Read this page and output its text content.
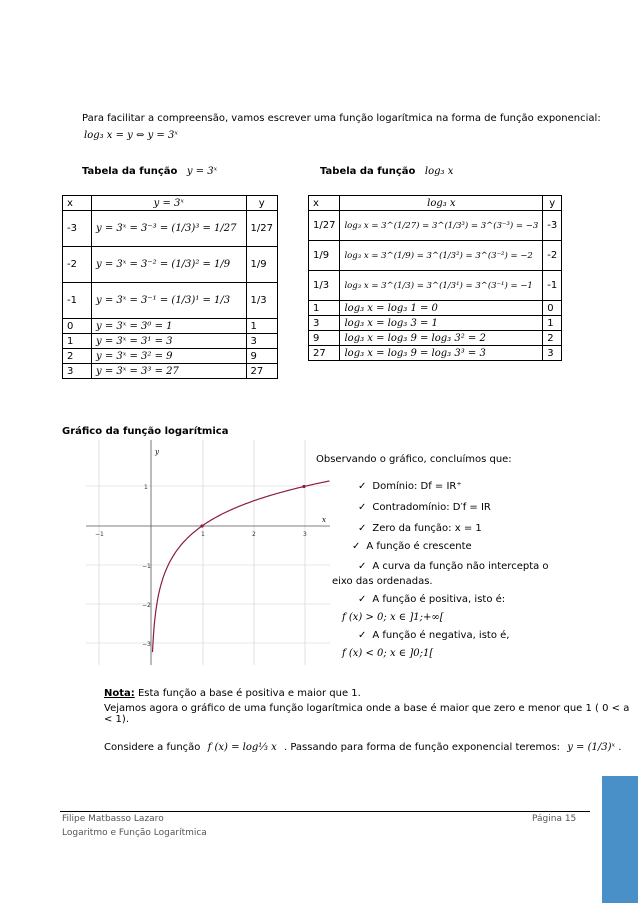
Para facilitar a compreensão, vamos escrever uma função logarítmica na forma de função exponencial:
log₃ x = y ⇔ y = 3ˣ
Tabela da função y = 3ˣ	Tabela da função log₃ x
x	y = 3ˣ	y
-3	y = 3ˣ = 3⁻³ = (1/3)³ = 1/27	1/27
-2	y = 3ˣ = 3⁻² = (1/3)² = 1/9	1/9
-1	y = 3ˣ = 3⁻¹ = (1/3)¹ = 1/3	1/3
0	y = 3ˣ = 3⁰ = 1	1
1	y = 3ˣ = 3¹ = 3	3
2	y = 3ˣ = 3² = 9	9
3	y = 3ˣ = 3³ = 27	27
x	log₃ x	y
1/27	log₃ x = 3^(1/27) = 3^(1/3³) = 3^(3⁻³) = −3	-3
1/9	log₃ x = 3^(1/9) = 3^(1/3²) = 3^(3⁻²) = −2	-2
1/3	log₃ x = 3^(1/3) = 3^(1/3¹) = 3^(3⁻¹) = −1	-1
1	log₃ x = log₃ 1 = 0	0
3	log₃ x = log₃ 3 = 1	1
9	log₃ x = log₃ 9 = log₃ 3² = 2	2
27	log₃ x = log₃ 9 = log₃ 3³ = 3	3
Gráfico da função logarítmica
x
y
−1	1	2	3
1
−1
−2
−3
Observando o gráfico, concluímos que:
✓ Domínio: Df = IR⁺
✓ Contradomínio: D′f = IR
✓ Zero da função: x = 1
✓ A função é crescente
✓ A curva da função não intercepta o eixo das ordenadas.
✓ A função é positiva, isto é:
f (x) > 0; x ∈ ]1;+∞[
✓ A função é negativa, isto é,
f (x) < 0; x ∈ ]0;1[
Nota: Esta função a base é positiva e maior que 1.
Vejamos agora o gráfico de uma função logarítmica onde a base é maior que zero e menor que 1 ( 0 < a < 1).
Considere a função f (x) = log⅓ x . Passando para forma de função exponencial teremos: y = (1/3)ˣ .
Filipe Matbasso Lazaro
Logaritmo e Função Logarítmica
Página 15
